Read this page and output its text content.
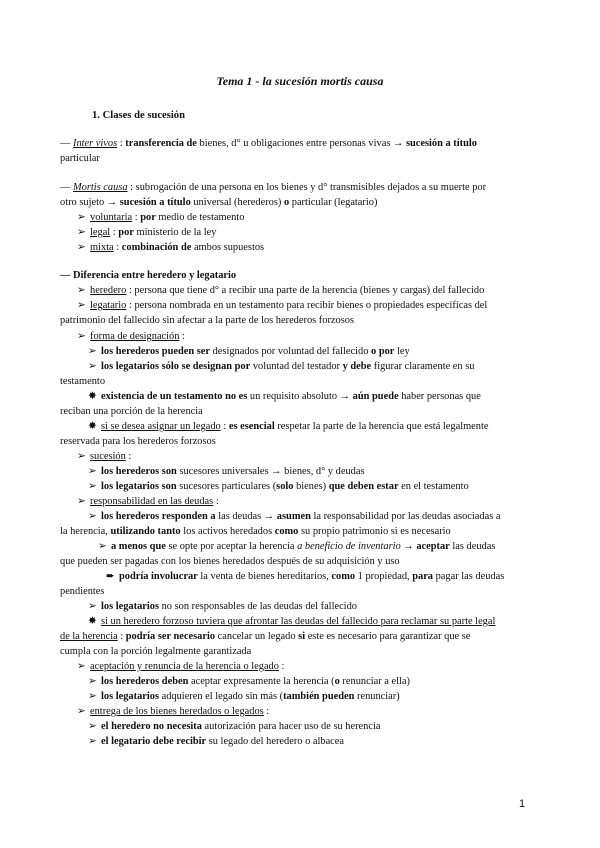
Tema 1 - la sucesión mortis causa
1. Clases de sucesión
— Inter vivos : transferencia de bienes, d° u obligaciones entre personas vivas → sucesión a título
particular
— Mortis causa : subrogación de una persona en los bienes y d° transmisibles dejados a su muerte por
otro sujeto → sucesión a título universal (herederos) o particular (legatario)
➢ voluntaria : por medio de testamento
➢ legal : por ministerio de la ley
➢ mixta : combinación de ambos supuestos
— Diferencia entre heredero y legatario
➢ heredero : persona que tiene d° a recibir una parte de la herencia (bienes y cargas) del fallecido
➢ legatario : persona nombrada en un testamento para recibir bienes o propiedades específicas del
patrimonio del fallecido sin afectar a la parte de los herederos forzosos
➢ forma de designación :
➢ los herederos pueden ser designados por voluntad del fallecido o por ley
➢ los legatarios sólo se designan por voluntad del testador y debe figurar claramente en su
testamento
✸ existencia de un testamento no es un requisito absoluto → aún puede haber personas que
reciban una porción de la herencia
✸ si se desea asignar un legado : es esencial respetar la parte de la herencia que está legalmente
reservada para los herederos forzosos
➢ sucesión :
➢ los herederos son sucesores universales → bienes, d° y deudas
➢ los legatarios son sucesores particulares (solo bienes) que deben estar en el testamento
➢ responsabilidad en las deudas :
➢ los herederos responden a las deudas → asumen la responsabilidad por las deudas asociadas a
la herencia, utilizando tanto los activos heredados como su propio patrimonio si es necesario
➢ a menos que se opte por aceptar la herencia a beneficio de inventario → aceptar las deudas
que pueden ser pagadas con los bienes heredados después de su adquisición y uso
➨ podría involucrar la venta de bienes hereditarios, como 1 propiedad, para pagar las deudas
pendientes
➢ los legatarios no son responsables de las deudas del fallecido
✸ si un heredero forzoso tuviera que afrontar las deudas del fallecido para reclamar su parte legal
de la herencia : podría ser necesario cancelar un legado si este es necesario para garantizar que se
cumpla con la porción legalmente garantizada
➢ aceptación y renuncia de la herencia o legado :
➢ los herederos deben aceptar expresamente la herencia (o renunciar a ella)
➢ los legatarios adquieren el legado sin más (también pueden renunciar)
➢ entrega de los bienes heredados o legados :
➢ el heredero no necesita autorización para hacer uso de su herencia
➢ el legatario debe recibir su legado del heredero o albacea
1
